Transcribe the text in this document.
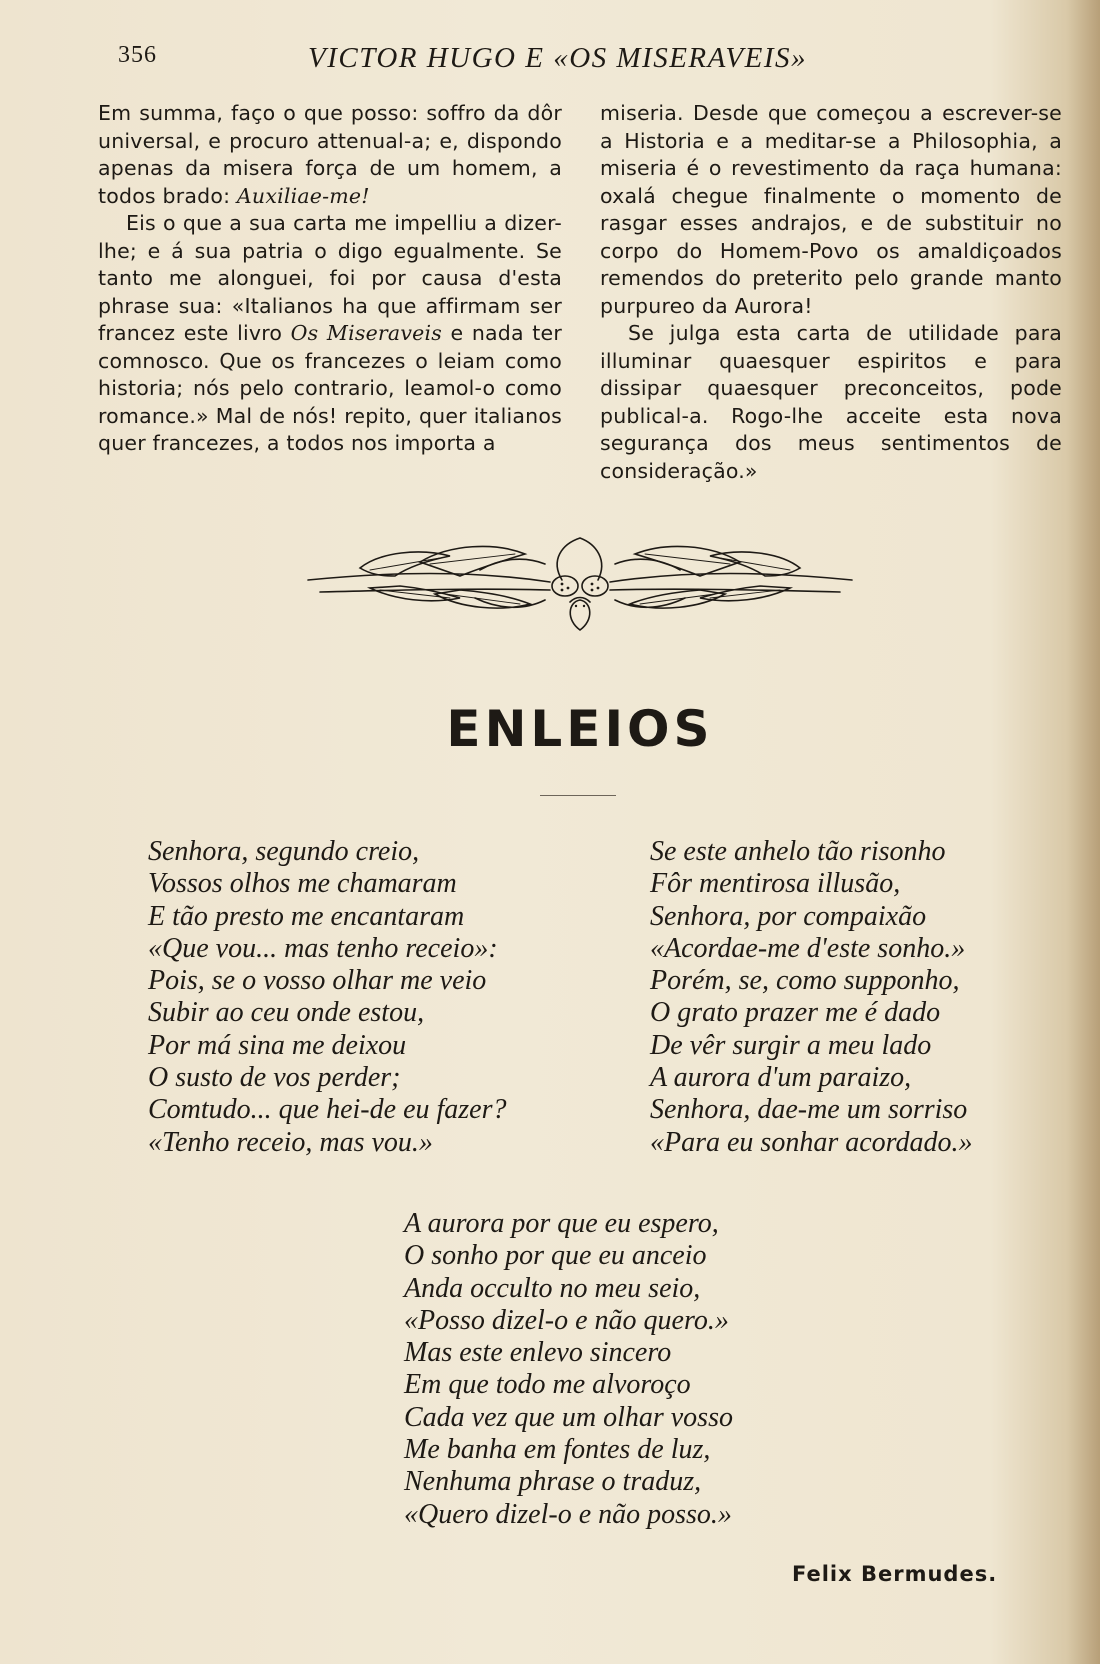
356	VICTOR HUGO E «OS MISERAVEIS»

Em summa, faço o que posso: soffro da dôr universal, e procuro attenual-a; e, dispondo apenas da misera força de um homem, a todos brado: Auxiliae-me!

Eis o que a sua carta me impelliu a dizer-lhe; e á sua patria o digo egualmente. Se tanto me alonguei, foi por causa d'esta phrase sua: «Italianos ha que affirmam ser francez este livro Os Miseraveis e nada ter comnosco. Que os francezes o leiam como historia; nós pelo contrario, leamol-o como romance.» Mal de nós! repito, quer italianos quer francezes, a todos nos importa a

miseria. Desde que começou a escrever-se a Historia e a meditar-se a Philosophia, a miseria é o revestimento da raça humana: oxalá chegue finalmente o momento de rasgar esses andrajos, e de substituir no corpo do Homem-Povo os amaldiçoados remendos do preterito pelo grande manto purpureo da Aurora!

Se julga esta carta de utilidade para illuminar quaesquer espiritos e para dissipar quaesquer preconceitos, pode publical-a. Rogo-lhe acceite esta nova segurança dos meus sentimentos de consideração.»

ENLEIOS
Senhora, segundo creio,
Vossos olhos me chamaram
E tão presto me encantaram
«Que vou... mas tenho receio»:
Pois, se o vosso olhar me veio
Subir ao ceu onde estou,
Por má sina me deixou
O susto de vos perder;
Comtudo... que hei-de eu fazer?
«Tenho receio, mas vou.»
Se este anhelo tão risonho
Fôr mentirosa illusão,
Senhora, por compaixão
«Acordae-me d'este sonho.»
Porém, se, como supponho,
O grato prazer me é dado
De vêr surgir a meu lado
A aurora d'um paraizo,
Senhora, dae-me um sorriso
«Para eu sonhar acordado.»
A aurora por que eu espero,
O sonho por que eu anceio
Anda occulto no meu seio,
«Posso dizel-o e não quero.»
Mas este enlevo sincero
Em que todo me alvoroço
Cada vez que um olhar vosso
Me banha em fontes de luz,
Nenhuma phrase o traduz,
«Quero dizel-o e não posso.»
Felix Bermudes.
